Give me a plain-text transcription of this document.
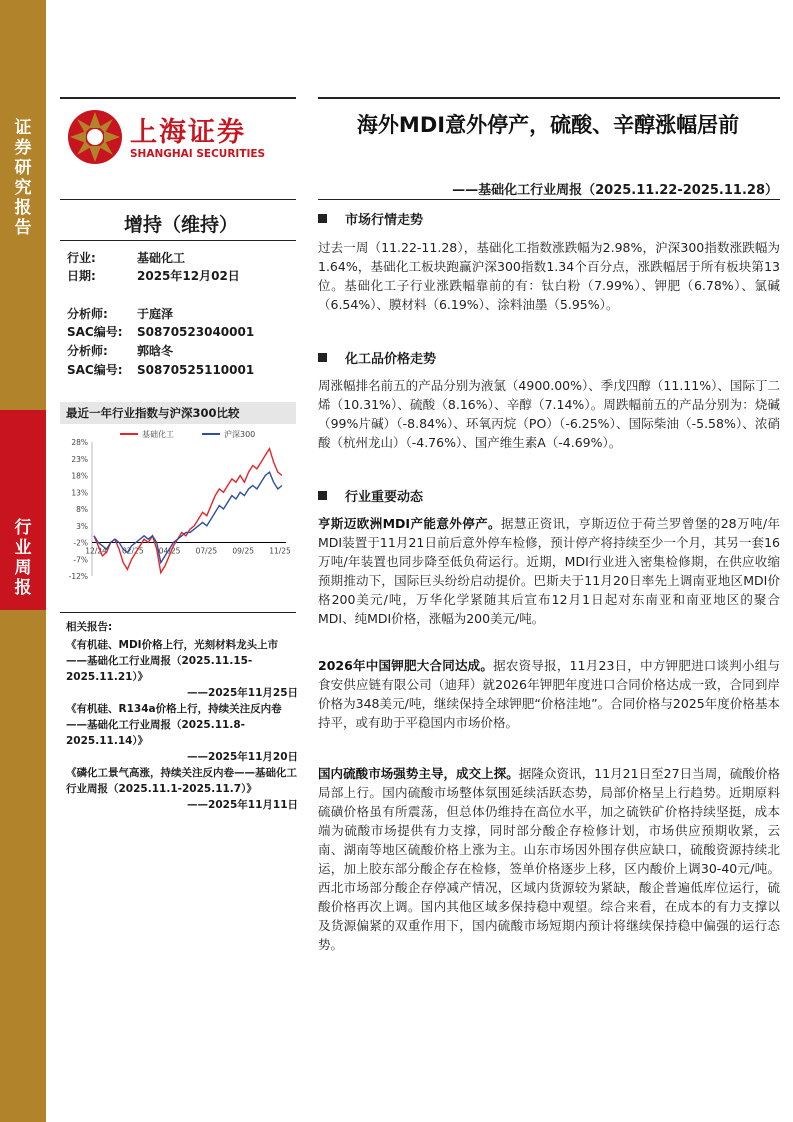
证
券
研
究
报
告
行
业
周
报
上海证券
SHANGHAI SECURITIES
海外MDI意外停产，硫酸、辛醇涨幅居前
——基础化工行业周报（2025.11.22-2025.11.28）
增持（维持）
行业:	基础化工
日期:	2025年12月02日
分析师: 于庭泽
SAC编号: S0870523040001
分析师: 郭晗冬
SAC编号: S0870525110001
最近一年行业指数与沪深300比较
基础化工	沪深300
28%
23%
18%
13%
8%
3%
-2%
-7%
-12%
12/24 02/25 04/25 07/25 09/25 11/25
相关报告:
《有机硅、MDI价格上行，光刻材料龙头上市——基础化工行业周报（2025.11.15-2025.11.21）》
——2025年11月25日
《有机硅、R134a价格上行，持续关注反内卷——基础化工行业周报（2025.11.8-2025.11.14）》
——2025年11月20日
《磷化工景气高涨，持续关注反内卷——基础化工行业周报（2025.11.1-2025.11.7）》
——2025年11月11日
市场行情走势
过去一周（11.22-11.28），基础化工指数涨跌幅为2.98%，沪深300指数涨跌幅为1.64%，基础化工板块跑赢沪深300指数1.34个百分点，涨跌幅居于所有板块第13位。基础化工子行业涨跌幅靠前的有：钛白粉（7.99%）、钾肥（6.78%）、氯碱（6.54%）、膜材料（6.19%）、涂料油墨（5.95%）。
化工品价格走势
周涨幅排名前五的产品分别为液氯（4900.00%）、季戊四醇（11.11%）、国际丁二烯（10.31%）、硫酸（8.16%）、辛醇（7.14%）。周跌幅前五的产品分别为：烧碱（99%片碱）（-8.84%）、环氧丙烷（PO）（-6.25%）、国际柴油（-5.58%）、浓硝酸（杭州龙山）（-4.76%）、国产维生素A（-4.69%）。
行业重要动态
亨斯迈欧洲MDI产能意外停产。据慧正资讯，亨斯迈位于荷兰罗曾堡的28万吨/年MDI装置于11月21日前后意外停车检修，预计停产将持续至少一个月，其另一套16万吨/年装置也同步降至低负荷运行。近期，MDI行业进入密集检修期，在供应收缩预期推动下，国际巨头纷纷启动提价。巴斯夫于11月20日率先上调南亚地区MDI价格200美元/吨，万华化学紧随其后宣布12月1日起对东南亚和南亚地区的聚合MDI、纯MDI价格，涨幅为200美元/吨。
2026年中国钾肥大合同达成。据农资导报，11月23日，中方钾肥进口谈判小组与食安供应链有限公司（迪拜）就2026年钾肥年度进口合同价格达成一致，合同到岸价格为348美元/吨，继续保持全球钾肥“价格洼地”。合同价格与2025年度价格基本持平，或有助于平稳国内市场价格。
国内硫酸市场强势主导，成交上探。据隆众资讯，11月21日至27日当周，硫酸价格局部上行。国内硫酸市场整体氛围延续活跃态势，局部价格呈上行趋势。近期原料硫磺价格虽有所震荡，但总体仍维持在高位水平，加之硫铁矿价格持续坚挺，成本端为硫酸市场提供有力支撑，同时部分酸企存检修计划，市场供应预期收紧，云南、湖南等地区硫酸价格上涨为主。山东市场因外围存供应缺口，硫酸资源持续北运，加上胶东部分酸企存在检修，签单价格逐步上移，区内酸价上调30-40元/吨。西北市场部分酸企存停减产情况，区域内货源较为紧缺，酸企普遍低库位运行，硫酸价格再次上调。国内其他区域多保持稳中观望。综合来看，在成本的有力支撑以及货源偏紧的双重作用下，国内硫酸市场短期内预计将继续保持稳中偏强的运行态势。
